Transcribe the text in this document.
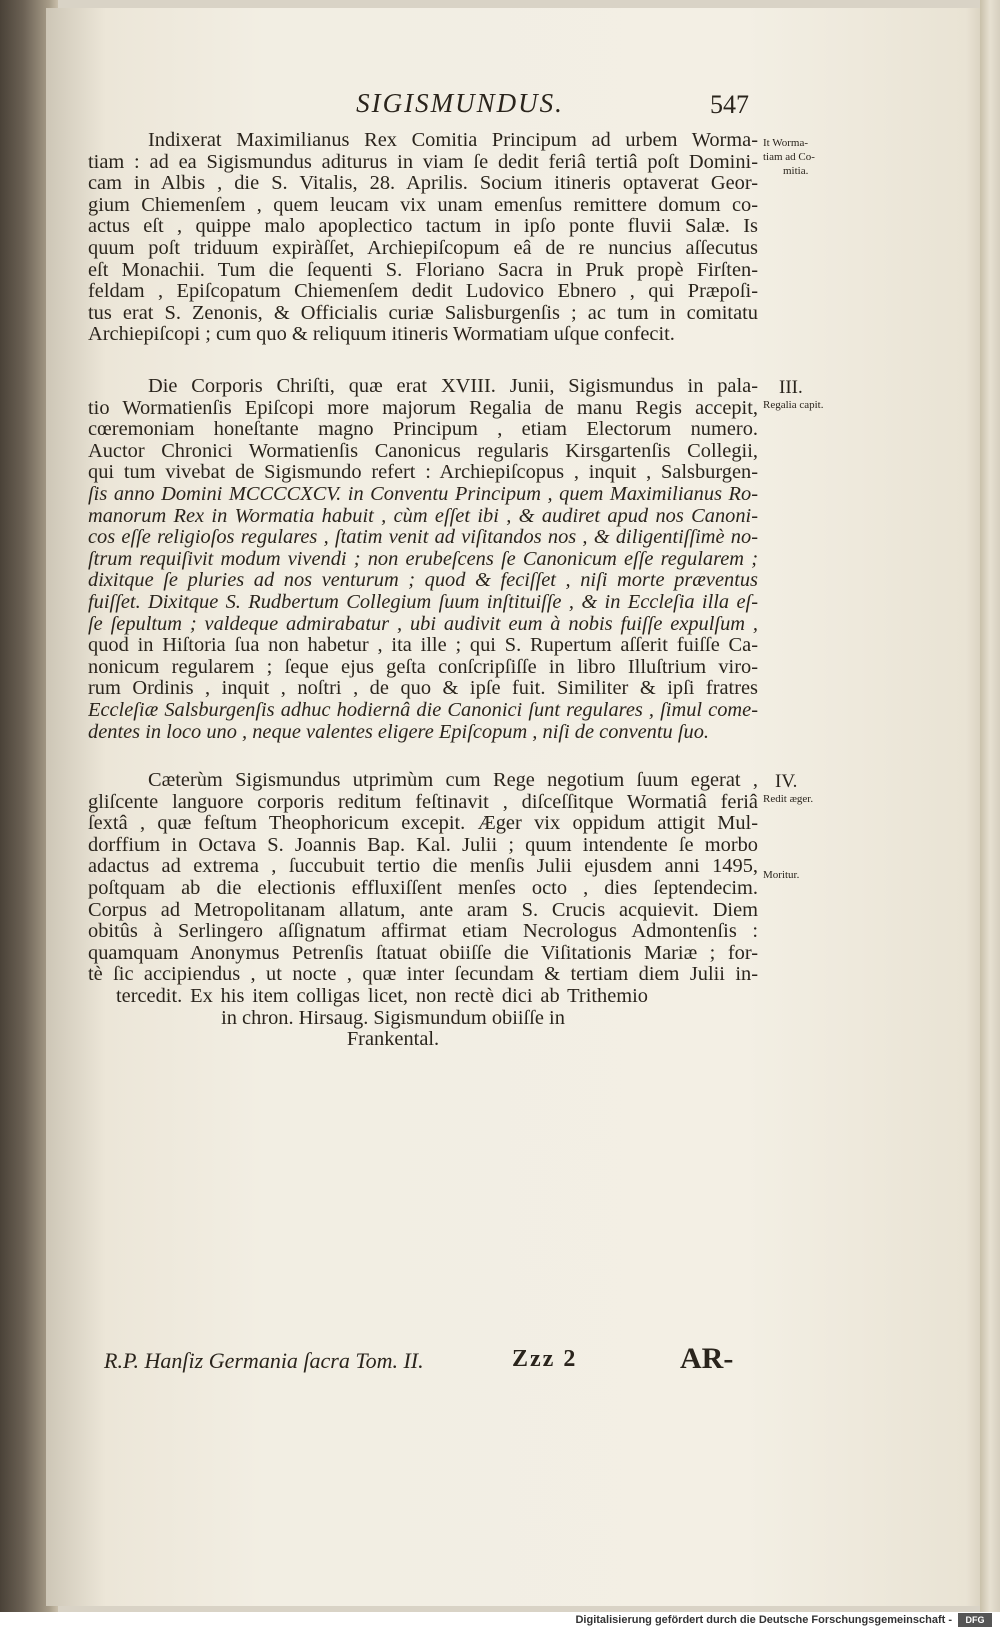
SIGISMUNDUS.	547
Indixerat Maximilianus Rex Comitia Principum ad urbem Worma-
tiam : ad ea Sigismundus aditurus in viam ſe dedit feriâ tertiâ poſt Domini-
cam in Albis , die S. Vitalis, 28. Aprilis. Socium itineris optaverat Geor-
gium Chiemenſem , quem leucam vix unam emenſus remittere domum co-
actus eſt , quippe malo apoplectico tactum in ipſo ponte fluvii Salæ. Is
quum poſt triduum expiràſſet, Archiepiſcopum eâ de re nuncius aſſecutus
eſt Monachii. Tum die ſequenti S. Floriano Sacra in Pruk propè Firſten-
feldam , Epiſcopatum Chiemenſem dedit Ludovico Ebnero , qui Præpoſi-
tus erat S. Zenonis, & Officialis curiæ Salisburgenſis ; ac tum in comitatu
Archiepiſcopi ; cum quo & reliquum itineris Wormatiam uſque confecit.
Die Corporis Chriſti, quæ erat XVIII. Junii, Sigismundus in pala-
tio Wormatienſis Epiſcopi more majorum Regalia de manu Regis accepit,
cœremoniam honeſtante magno Principum , etiam Electorum numero.
Auctor Chronici Wormatienſis Canonicus regularis Kirsgartenſis Collegii,
qui tum vivebat de Sigismundo refert : Archiepiſcopus , inquit , Salsburgen-
ſis anno Domini MCCCCXCV. in Conventu Principum , quem Maximilianus Ro-
manorum Rex in Wormatia habuit , cùm eſſet ibi , & audiret apud nos Canoni-
cos eſſe religioſos regulares , ſtatim venit ad viſitandos nos , & diligentiſſimè no-
ſtrum requiſivit modum vivendi ; non erubeſcens ſe Canonicum eſſe regularem ;
dixitque ſe pluries ad nos venturum ; quod & feciſſet , niſi morte præventus
fuiſſet. Dixitque S. Rudbertum Collegium ſuum inſtituiſſe , & in Eccleſia illa eſ-
ſe ſepultum ; valdeque admirabatur , ubi audivit eum à nobis fuiſſe expulſum ,
quod in Hiſtoria ſua non habetur , ita ille ; qui S. Rupertum aſſerit fuiſſe Ca-
nonicum regularem ; ſeque ejus geſta conſcripſiſſe in libro Illuſtrium viro-
rum Ordinis , inquit , noſtri , de quo & ipſe fuit. Similiter & ipſi fratres
Eccleſiæ Salsburgenſis adhuc hodiernâ die Canonici ſunt regulares , ſimul come-
dentes in loco uno , neque valentes eligere Epiſcopum , niſi de conventu ſuo.
Cæterùm Sigismundus utprimùm cum Rege negotium ſuum egerat ,
gliſcente languore corporis reditum feſtinavit , diſceſſitque Wormatiâ feriâ
ſextâ , quæ feſtum Theophoricum excepit. Æger vix oppidum attigit Mul-
dorffium in Octava S. Joannis Bap. Kal. Julii ; quum intendente ſe morbo
adactus ad extrema , ſuccubuit tertio die menſis Julii ejusdem anni 1495,
poſtquam ab die electionis effluxiſſent menſes octo , dies ſeptendecim.
Corpus ad Metropolitanam allatum, ante aram S. Crucis acquievit. Diem
obitûs à Serlingero aſſignatum affirmat etiam Necrologus Admontenſis :
quamquam Anonymus Petrenſis ſtatuat obiiſſe die Viſitationis Mariæ ; for-
tè ſic accipiendus , ut nocte , quæ inter ſecundam & tertiam diem Julii in-
tercedit. Ex his item colligas licet, non rectè dici ab Trithemio
in chron. Hirsaug. Sigismundum obiiſſe in
Frankental.
It Worma-
tiam ad Co-
mitia.
III.
Regalia capit.
IV.
Redit æger.
Moritur.
R.P. Hanſiz Germania ſacra Tom. II.	Zzz 2	AR-
Digitalisierung gefördert durch die Deutsche Forschungsgemeinschaft -	DFG
